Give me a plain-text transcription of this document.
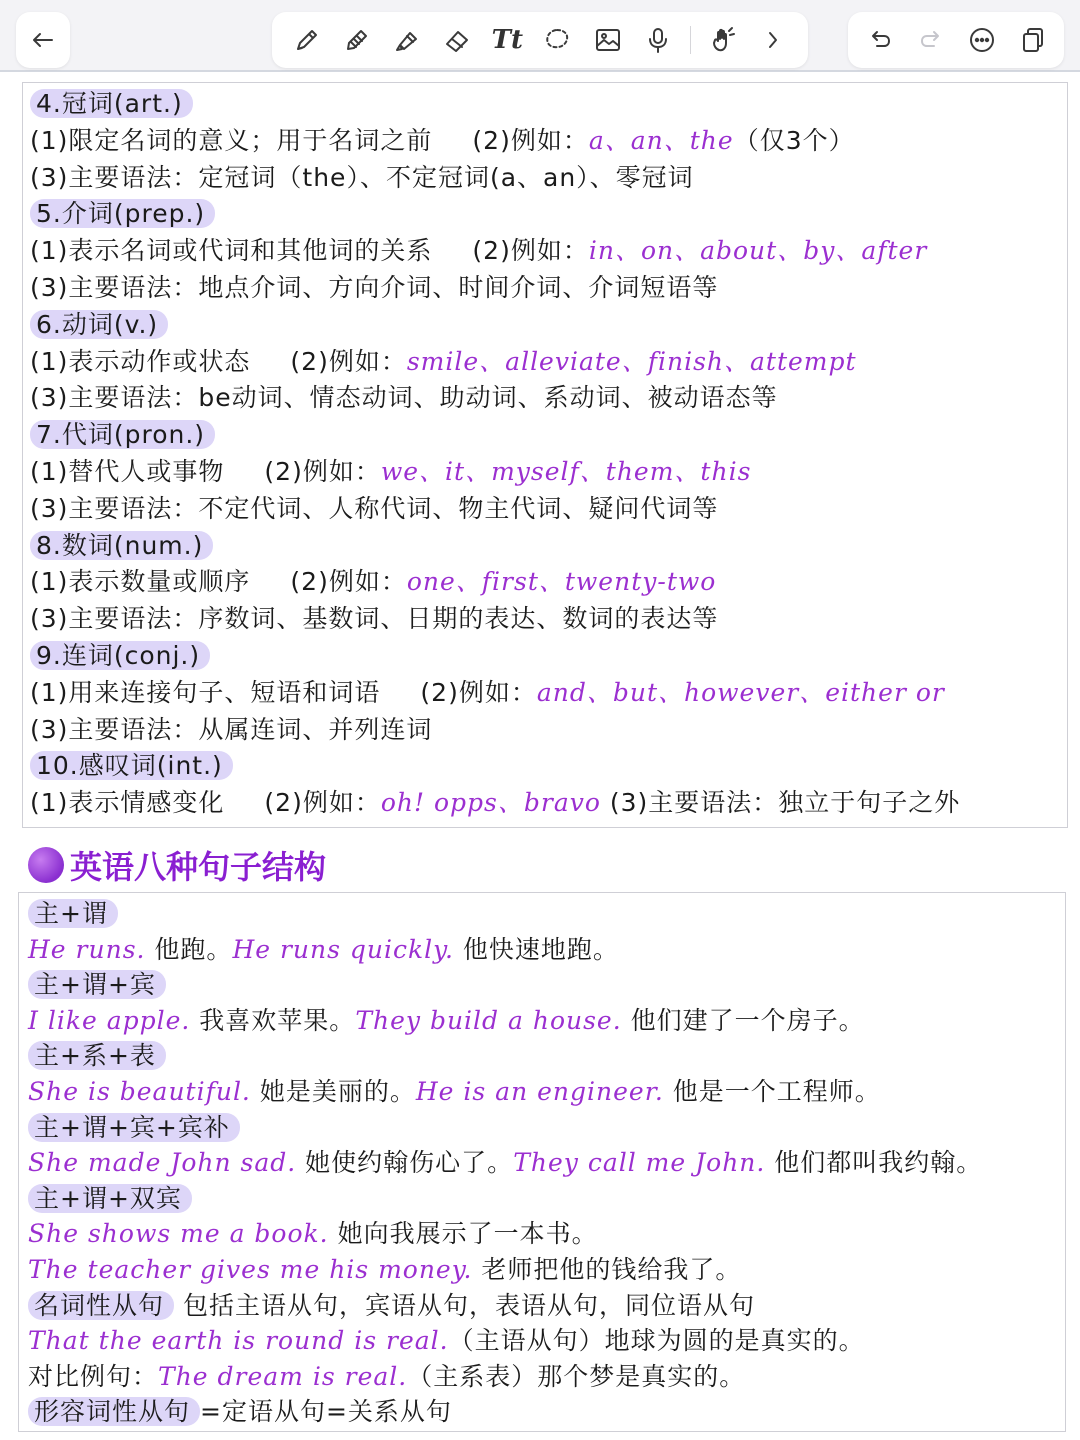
Tt
4.冠词(art.)
(1)限定名词的意义；用于名词之前 (2)例如：a、an、the（仅3个）
(3)主要语法：定冠词（the）、不定冠词(a、an）、零冠词
5.介词(prep.)
(1)表示名词或代词和其他词的关系 (2)例如：in、on、about、by、after
(3)主要语法：地点介词、方向介词、时间介词、介词短语等
6.动词(v.)
(1)表示动作或状态 (2)例如：smile、alleviate、finish、attempt
(3)主要语法：be动词、情态动词、助动词、系动词、被动语态等
7.代词(pron.)
(1)替代人或事物 (2)例如：we、it、myself、them、this
(3)主要语法：不定代词、人称代词、物主代词、疑问代词等
8.数词(num.)
(1)表示数量或顺序 (2)例如：one、first、twenty-two
(3)主要语法：序数词、基数词、日期的表达、数词的表达等
9.连词(conj.)
(1)用来连接句子、短语和词语 (2)例如：and、but、however、either or
(3)主要语法：从属连词、并列连词
10.感叹词(int.)
(1)表示情感变化 (2)例如：oh! opps、bravo (3)主要语法：独立于句子之外
英语八种句子结构
主+谓
He runs. 他跑。He runs quickly. 他快速地跑。
主+谓+宾
I like apple. 我喜欢苹果。They build a house. 他们建了一个房子。
主+系+表
She is beautiful. 她是美丽的。He is an engineer. 他是一个工程师。
主+谓+宾+宾补
She made John sad. 她使约翰伤心了。They call me John. 他们都叫我约翰。
主+谓+双宾
She shows me a book. 她向我展示了一本书。
The teacher gives me his money. 老师把他的钱给我了。
名词性从句 包括主语从句，宾语从句，表语从句，同位语从句
That the earth is round is real.（主语从句）地球为圆的是真实的。
对比例句：The dream is real.（主系表）那个梦是真实的。
形容词性从句 =定语从句=关系从句
